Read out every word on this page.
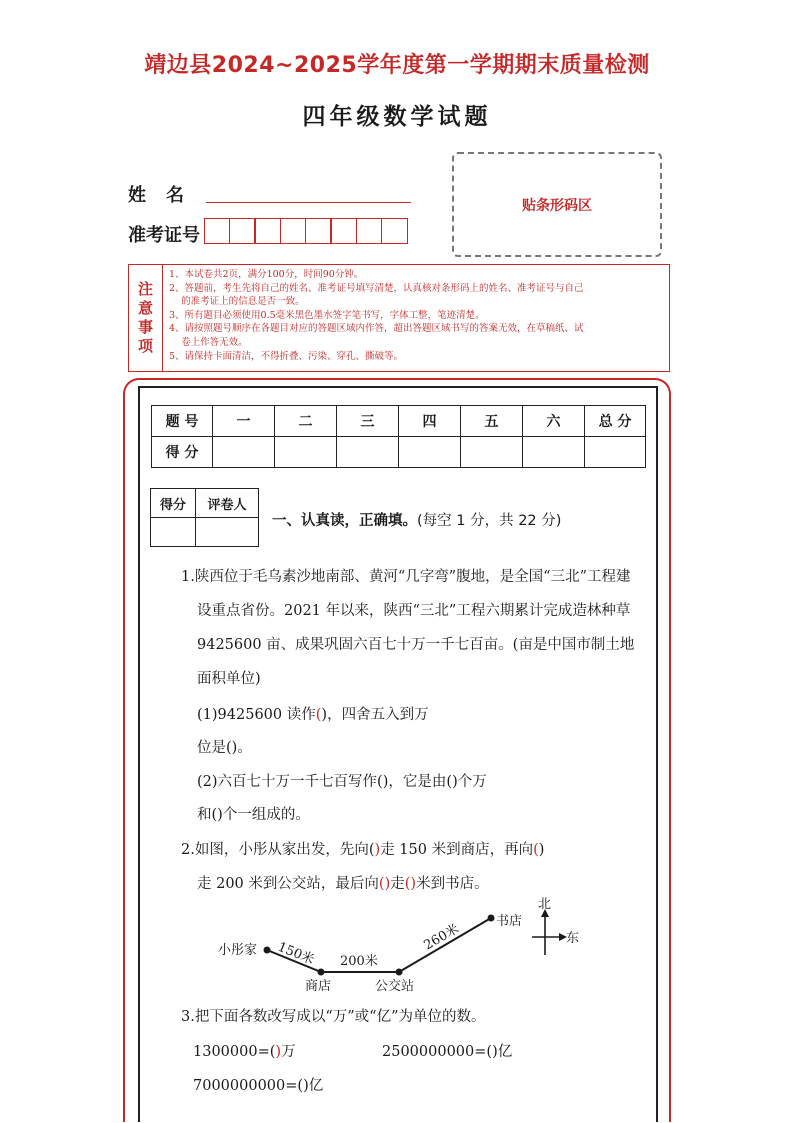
靖边县2024~2025学年度第一学期期末质量检测
四年级数学试题
姓名
准考证号
贴条形码区
注
意
事
项
1、本试卷共2页，满分100分，时间90分钟。
2、答题前，考生先将自己的姓名、准考证号填写清楚，认真核对条形码上的姓名、准考证号与自己
的准考证上的信息是否一致。
3、所有题目必须使用0.5毫米黑色墨水签字笔书写，字体工整，笔迹清楚。
4、请按照题号顺序在各题目对应的答题区域内作答，超出答题区域书写的答案无效，在草稿纸、试
卷上作答无效。
5、请保持卡面清洁，不得折叠、污染、穿孔、撕破等。
题 号	一	二	三	四	五	六	总 分
得 分							
得分	评卷人

一、认真读，正确填。(每空 1 分，共 22 分)
1.陕西位于毛乌素沙地南部、黄河“几字弯”腹地，是全国“三北”工程建
设重点省份。2021 年以来，陕西“三北”工程六期累计完成造林种草
9425600 亩、成果巩固六百七十万一千七百亩。(亩是中国市制土地
面积单位)
(1)9425600 读作()，四舍五入到万
位是()。
(2)六百七十万一千七百写作()，它是由()个万
和()个一组成的。
2.如图，小彤从家出发，先向()走 150 米到商店，再向()
走 200 米到公交站，最后向()走()米到书店。
小彤家
商店	公交站
书店
150米 200米
260米
北
东
3.把下面各数改写成以“万”或“亿”为单位的数。
1300000=()万	2500000000=()亿
7000000000=()亿
